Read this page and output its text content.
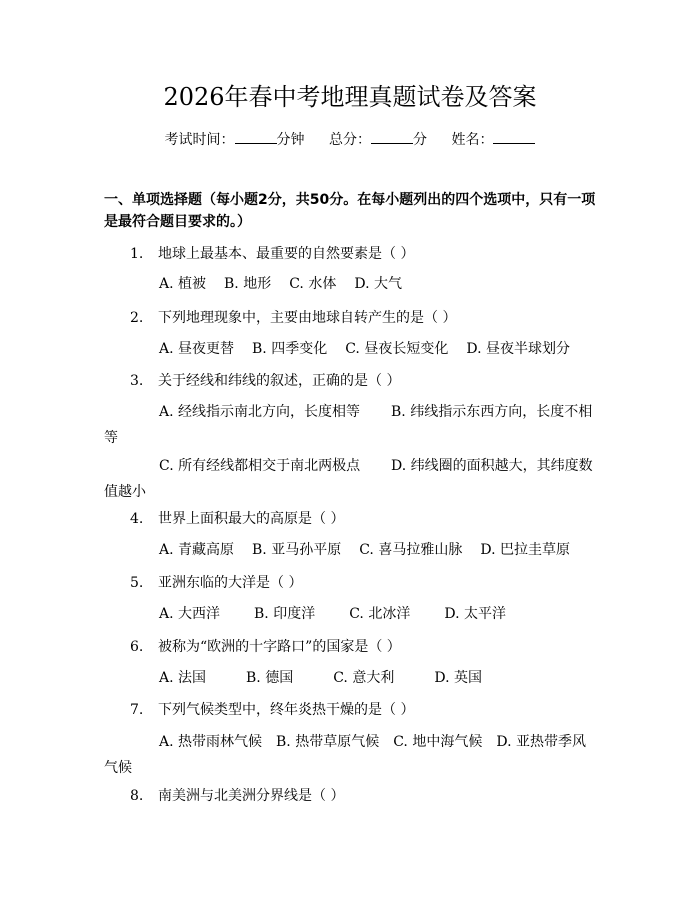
2026年春中考地理真题试卷及答案
考试时间：	分钟 总分：	分 姓名：
一、单项选择题（每小题2分，共50分。在每小题列出的四个选项中，只有一项是最符合题目要求的。）
1. 地球上最基本、最重要的自然要素是（ ）
A. 植被 B. 地形 C. 水体 D. 大气
2. 下列地理现象中，主要由地球自转产生的是（ ）
A. 昼夜更替 B. 四季变化 C. 昼夜长短变化 D. 昼夜半球划分
3. 关于经线和纬线的叙述，正确的是（ ）
A. 经线指示南北方向，长度相等 B. 纬线指示东西方向，长度不相等
C. 所有经线都相交于南北两极点 D. 纬线圈的面积越大，其纬度数值越小
4. 世界上面积最大的高原是（ ）
A. 青藏高原 B. 亚马孙平原 C. 喜马拉雅山脉 D. 巴拉圭草原
5. 亚洲东临的大洋是（ ）
A. 大西洋 B. 印度洋 C. 北冰洋 D. 太平洋
6. 被称为“欧洲的十字路口”的国家是（ ）
A. 法国	B. 德国	C. 意大利	D. 英国
7. 下列气候类型中，终年炎热干燥的是（ ）
A. 热带雨林气候 B. 热带草原气候 C. 地中海气候 D. 亚热带季风气候
8. 南美洲与北美洲分界线是（ ）
